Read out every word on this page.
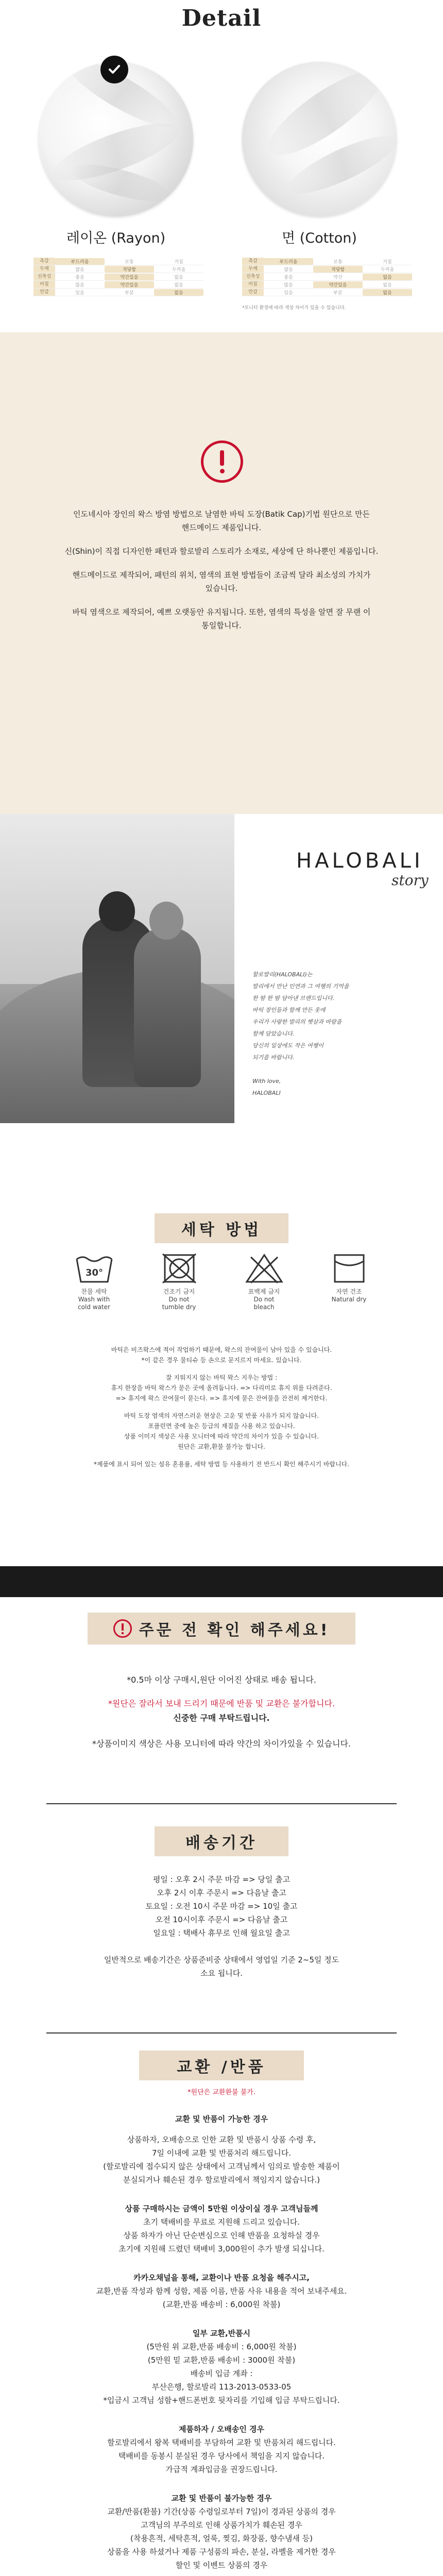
Detail
레이온 (Rayon)	면 (Cotton)
촉감	부드러움	보통	거침
두께	얇음	적당함	두꺼움
신축성	좋음	약간있음	없음
비침	많음	약간있음	없음
안감	있음	부분	없음
촉감	부드러움	보통	거침
두께	얇음	적당함	두꺼움
신축성	좋음	약간	없음
비침	많음	약간있음	없음
안감	있음	부분	없음
*모니터 환경에 따라 색상 차이가 있을 수 있습니다.

인도네시아 장인의 왁스 방염 방법으로 날염한 바틱 도장(Batik Cap)기법 원단으로 만든
핸드메이드 제품입니다.

신(Shin)이 직접 디자인한 패턴과 할로발리 스토리가 소재로, 세상에 단 하나뿐인 제품입니다.

핸드메이드로 제작되어, 패턴의 위치, 염색의 표현 방법들이 조금씩 달라 최소성의 가치가
있습니다.

바틱 염색으로 제작되어, 예쁘 오랫동안 유지됩니다. 또한, 염색의 특성을 알면 잘 무랜 이
통일합니다.

HALOBALI
story
할로발리(HALOBALI)는
발리에서 만난 인연과 그 여행의 기억을
한 땀 한 땀 담아낸 브랜드입니다.
바틱 장인들과 함께 만든 옷에
우리가 사랑한 발리의 햇살과 바람을
함께 담았습니다.
당신의 일상에도 작은 여행이
되기를 바랍니다.
With love,
HALOBALI
세탁 방법
30°
찬물 세탁
Wash with
cold water
건조기 금지
Do not
tumble dry
표백제 금지
Do not
bleach
자연 건조
Natural dry

바틱은 비즈왁스에 적어 작업하기 때문에, 왁스의 잔여물이 남아 있을 수 있습니다.
*이 같은 경우 물티슈 등 손으로 문지르지 마세요. 있습니다.

잘 지워지지 않는 바틱 왁스 지우는 방법 :
휴지 한장을 바틱 왁스가 묻은 곳에 올려둡니다. => 다리미로 휴지 위를 다려준다.
=> 휴지에 왁스 잔여물이 묻는다. => 휴지에 묻은 잔여물을 잔전히 제거한다.

바틱 도장 염색의 자연스러운 현상은 고운 및 반품 사유가 되지 않습니다.
포플린면 중에 높은 등급의 재질을 사용 하고 있습니다.
상품 이미지 색상은 사용 모니터에 따라 약간의 차이가 있을 수 있습니다.
원단은 교환,환불 불가능 합니다.

*제품에 표시 되어 있는 섬유 혼용률, 세탁 방법 등 사용하기 전 반드시 확인 해주시기 바랍니다.

주문 전 확인 해주세요!
*0.5마 이상 구매시,원단 이어진 상태로 배송 됩니다.
*원단은 잘라서 보내 드리기 때문에 반품 및 교환은 불가합니다.
신중한 구매 부탁드립니다.
*상품이미지 색상은 사용 모니터에 따라 약간의 차이가있을 수 있습니다.
배송기간
평일 : 오후 2시 주문 마감 => 당일 출고
오후 2시 이후 주문시 => 다음날 출고
토요일 : 오전 10시 주문 마감 => 10일 출고
오전 10시이후 주문시 => 다음날 출고
일요일 : 택배사 휴무로 인해 월요일 출고
일반적으로 배송기간은 상품준비중 상태에서 영업일 기준 2~5일 정도
소요 됩니다.
교환 /반품
*원단은 교환환불 불가.
교환 및 반품이 가능한 경우
상품하자, 오배송으로 인한 교환 및 반품시 상품 수령 후,
7일 이내에 교환 및 반품처리 해드립니다.
(할로발리에 접수되지 않은 상태에서 고객님께서 임의로 발송한 제품이
분실되거나 훼손된 경우 할로발리에서 책임지지 않습니다.)
상품 구매하시는 금액이 5만원 이상이실 경우 고객님들께
초기 택배비를 무료로 지원해 드리고 있습니다.
상품 하자가 아닌 단순변심으로 인해 반품을 요청하실 경우
초기에 지원해 드렸던 택배비 3,000원이 추가 발생 되십니다.
카카오채널을 통해, 교환이나 반품 요청을 해주시고,
교환,반품 작성과 함께 성함, 제품 이름, 반품 사유 내용을 적어 보내주세요.
(교환,반품 배송비 : 6,000원 착불)
일부 교환,반품시
(5만원 위 교환,반품 배송비 : 6,000원 착불)
(5만원 밑 교환,반품 배송비 : 3000원 착불)
배송비 입금 계좌 :
부산은행, 할로발리 113-2013-0533-05
*입금시 고객님 성함+핸드폰번호 뒷자리를 기입해 입금 부탁드립니다.
제품하자 / 오배송인 경우
할로발리에서 왕복 택배비를 부담하여 교환 및 반품처리 해드립니다.
택배비를 동봉시 분실된 경우 당사에서 책임을 지지 않습니다.
가급적 계좌입금을 권장드립니다.
교환 및 반품이 불가능한 경우
교환/반품(환불) 기간(상품 수령일로부터 7일)이 경과된 상품의 경우
고객님의 부주의로 인해 상품가치가 훼손된 경우
(착용흔적, 세탁흔적, 얼룩, 찢김, 화장품, 향수냄새 등)
상품을 사용 하셨거나 제품 구성품의 파손, 분실, 라벨을 제거한 경우
할인 및 이벤트 상품의 경우
